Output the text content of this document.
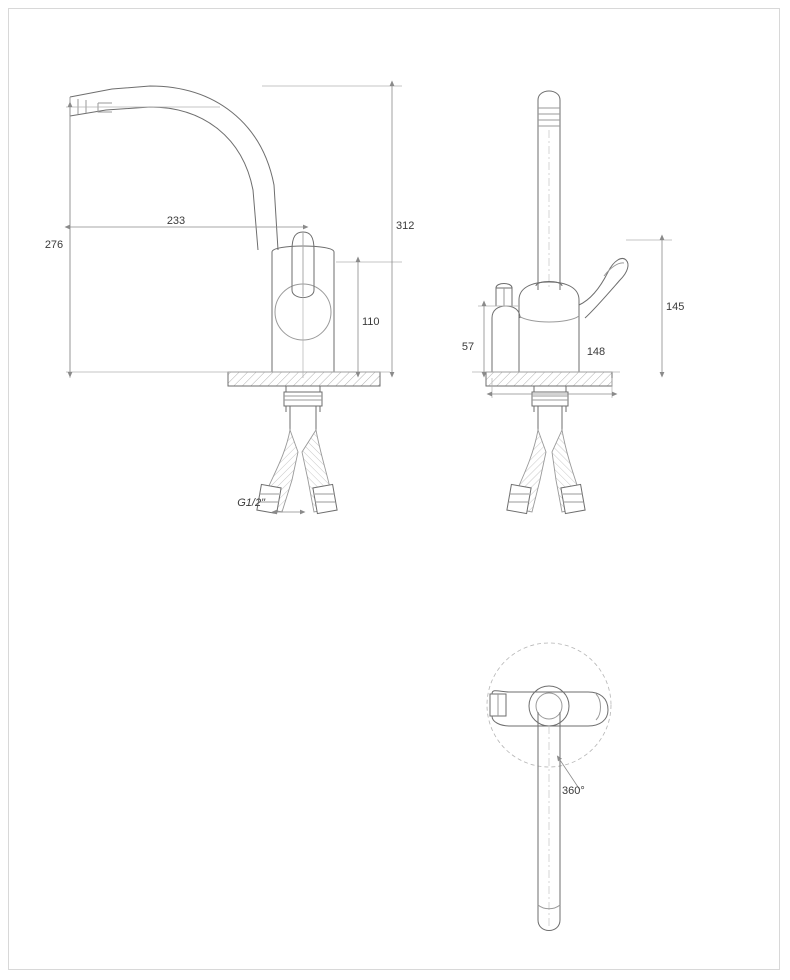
233	312
276
110
G1/2"
145
57	148
360°
